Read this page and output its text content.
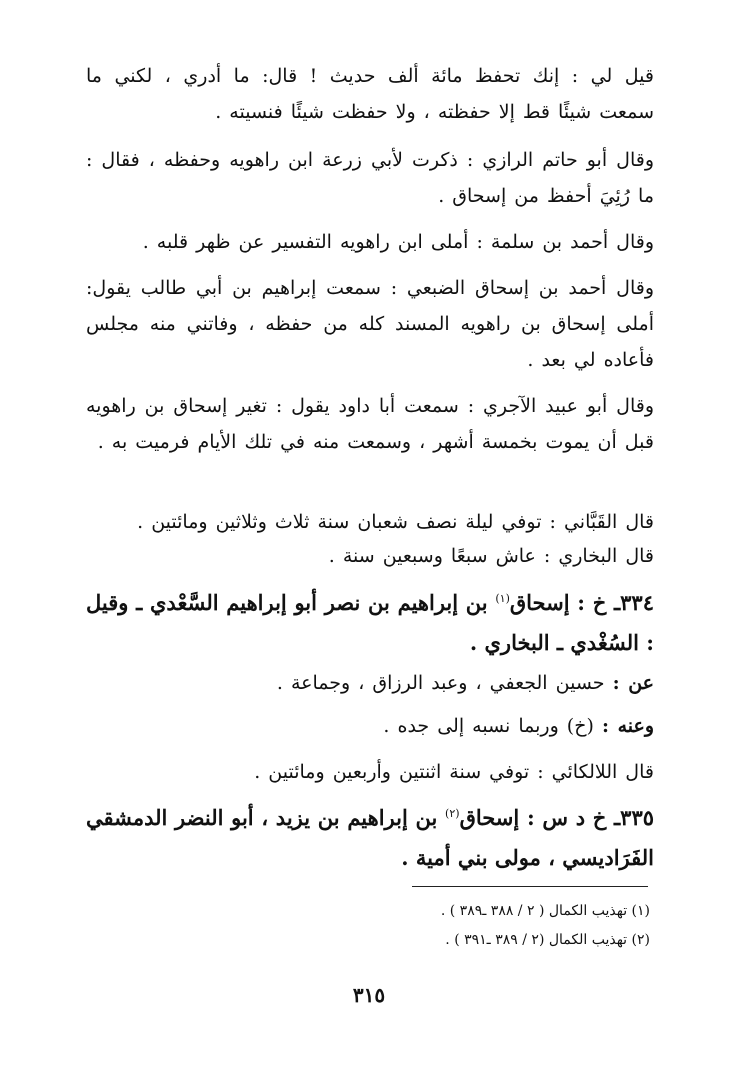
قيل لي : إنك تحفظ مائة ألف حديث ! قال: ما أدري ، لكني ما سمعت شيئًا قط إلا حفظته ، ولا حفظت شيئًا فنسيته .
وقال أبو حاتم الرازي : ذكرت لأبي زرعة ابن راهويه وحفظه ، فقال : ما رُئِيَ أحفظ من إسحاق .
وقال أحمد بن سلمة : أملى ابن راهويه التفسير عن ظهر قلبه .
وقال أحمد بن إسحاق الضبعي : سمعت إبراهيم بن أبي طالب يقول: أملى إسحاق بن راهويه المسند كله من حفظه ، وفاتني منه مجلس فأعاده لي بعد .
وقال أبو عبيد الآجري : سمعت أبا داود يقول : تغير إسحاق بن راهويه قبل أن يموت بخمسة أشهر ، وسمعت منه في تلك الأيام فرميت به .
قال القَبَّاني : توفي ليلة نصف شعبان سنة ثلاث وثلاثين ومائتين .
قال البخاري : عاش سبعًا وسبعين سنة .
٣٣٤ـ خ : إسحاق$^{(١)}$ بن إبراهيم بن نصر أبو إبراهيم السَّعْدي ـ وقيل : السُغْدي ـ البخاري .
عن : حسين الجعفي ، وعبد الرزاق ، وجماعة .
وعنه : (خ) وربما نسبه إلى جده .
قال اللالكائي : توفي سنة اثنتين وأربعين ومائتين .
٣٣٥ـ خ د س : إسحاق$^{(٢)}$ بن إبراهيم بن يزيد ، أبو النضر الدمشقي الفَرَاديسي ، مولى بني أمية .
(١) تهذيب الكمال ( ٢ / ٣٨٨ ـ٣٨٩ ) .
(٢) تهذيب الكمال (٢ / ٣٨٩ ـ٣٩١ ) .
٣١٥
